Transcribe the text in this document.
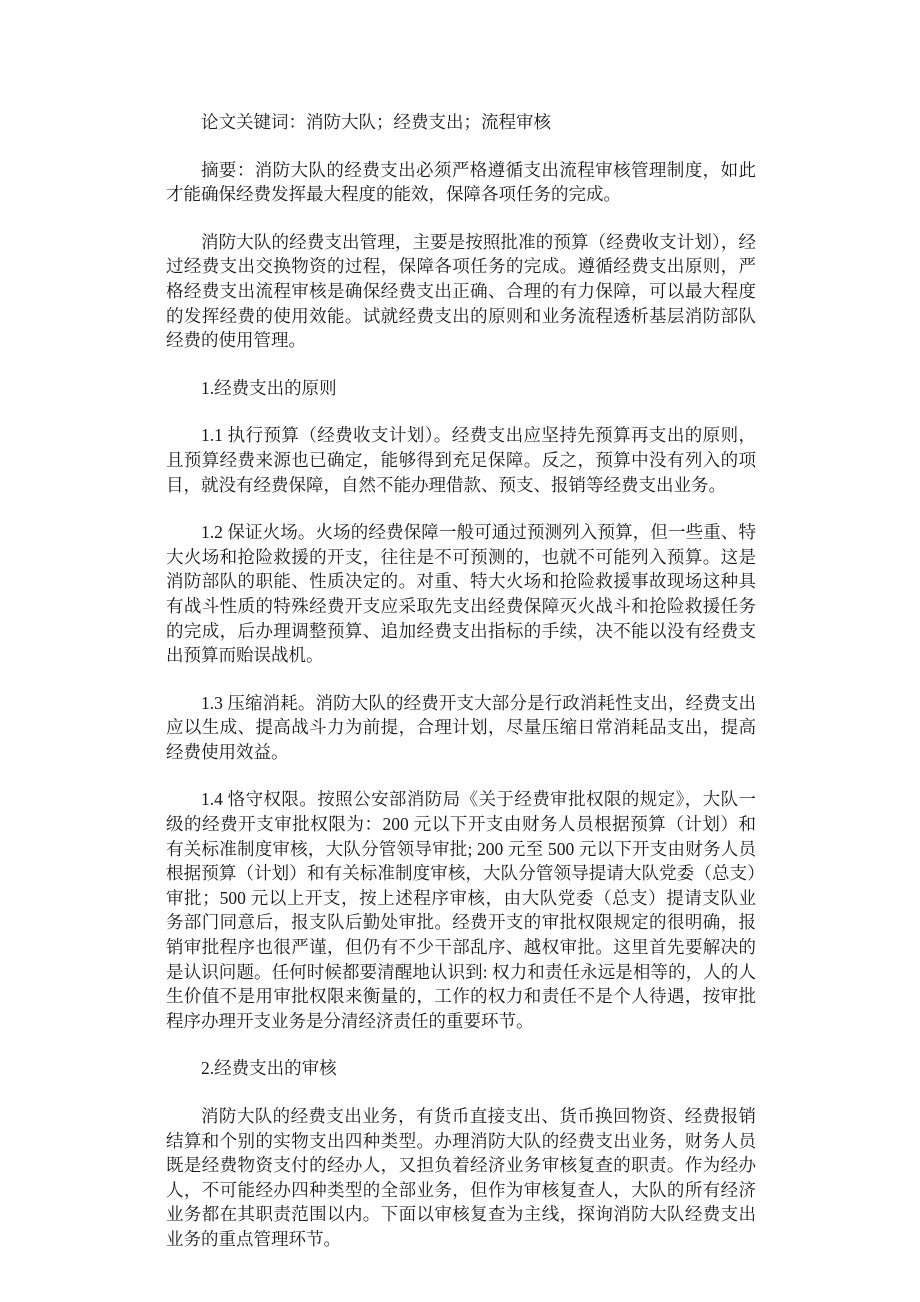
论文关键词：消防大队；经费支出；流程审核

摘要：消防大队的经费支出必须严格遵循支出流程审核管理制度，如此才能确保经费发挥最大程度的能效，保障各项任务的完成。

消防大队的经费支出管理，主要是按照批准的预算（经费收支计划），经过经费支出交换物资的过程，保障各项任务的完成。遵循经费支出原则，严格经费支出流程审核是确保经费支出正确、合理的有力保障，可以最大程度的发挥经费的使用效能。试就经费支出的原则和业务流程透析基层消防部队经费的使用管理。

1.经费支出的原则

1.1 执行预算（经费收支计划）。经费支出应坚持先预算再支出的原则，且预算经费来源也已确定，能够得到充足保障。反之，预算中没有列入的项目，就没有经费保障，自然不能办理借款、预支、报销等经费支出业务。

1.2 保证火场。火场的经费保障一般可通过预测列入预算，但一些重、特大火场和抢险救援的开支，往往是不可预测的，也就不可能列入预算。这是消防部队的职能、性质决定的。对重、特大火场和抢险救援事故现场这种具有战斗性质的特殊经费开支应采取先支出经费保障灭火战斗和抢险救援任务的完成，后办理调整预算、追加经费支出指标的手续，决不能以没有经费支出预算而贻误战机。

1.3 压缩消耗。消防大队的经费开支大部分是行政消耗性支出，经费支出应以生成、提高战斗力为前提，合理计划，尽量压缩日常消耗品支出，提高经费使用效益。

1.4 恪守权限。按照公安部消防局《关于经费审批权限的规定》，大队一级的经费开支审批权限为：200 元以下开支由财务人员根据预算（计划）和有关标准制度审核，大队分管领导审批; 200 元至 500 元以下开支由财务人员根据预算（计划）和有关标准制度审核，大队分管领导提请大队党委（总支）审批；500 元以上开支，按上述程序审核，由大队党委（总支）提请支队业务部门同意后，报支队后勤处审批。经费开支的审批权限规定的很明确，报销审批程序也很严谨，但仍有不少干部乱序、越权审批。这里首先要解决的是认识问题。任何时候都要清醒地认识到: 权力和责任永远是相等的，人的人生价值不是用审批权限来衡量的，工作的权力和责任不是个人待遇，按审批程序办理开支业务是分清经济责任的重要环节。

2.经费支出的审核

消防大队的经费支出业务，有货币直接支出、货币换回物资、经费报销结算和个别的实物支出四种类型。办理消防大队的经费支出业务，财务人员既是经费物资支付的经办人，又担负着经济业务审核复查的职责。作为经办人，不可能经办四种类型的全部业务，但作为审核复查人，大队的所有经济业务都在其职责范围以内。下面以审核复查为主线，探询消防大队经费支出业务的重点管理环节。
